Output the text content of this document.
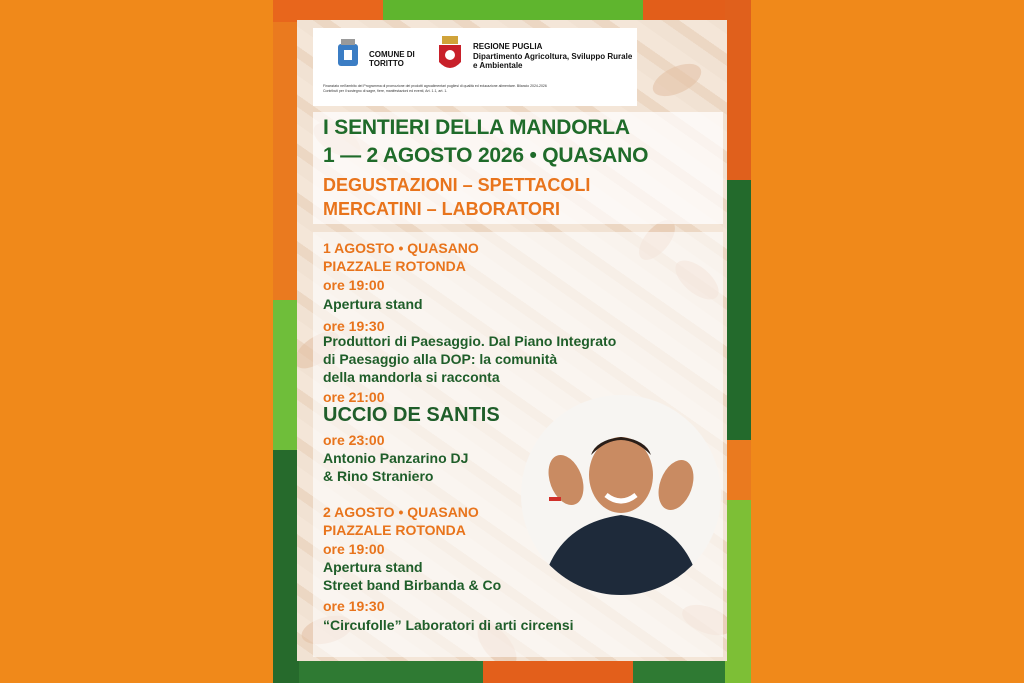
COMUNE DI TORITTO
REGIONE PUGLIA
Dipartimento Agricoltura, Sviluppo Rurale e Ambientale
Finanziato nell'ambito del Programma di promozione dei prodotti agroalimentari pugliesi di qualità ed educazione alimentare. Bilancio 2024-2026
Contributi per il sostegno di sagre, fiere, manifestazioni ed eventi, Art. 1.1, art. 1.
I SENTIERI DELLA MANDORLA
1 — 2 AGOSTO 2026 • QUASANO
DEGUSTAZIONI – SPETTACOLI
MERCATINI – LABORATORI
1 AGOSTO • QUASANO
PIAZZALE ROTONDA
ore 19:00
Apertura stand
ore 19:30
Produttori di Paesaggio. Dal Piano Integrato
di Paesaggio alla DOP: la comunità
della mandorla si racconta
ore 21:00
UCCIO DE SANTIS
ore 23:00
Antonio Panzarino DJ
& Rino Straniero
2 AGOSTO • QUASANO
PIAZZALE ROTONDA
ore 19:00
Apertura stand
Street band Birbanda & Co
ore 19:30
“Circufolle” Laboratori di arti circensi
